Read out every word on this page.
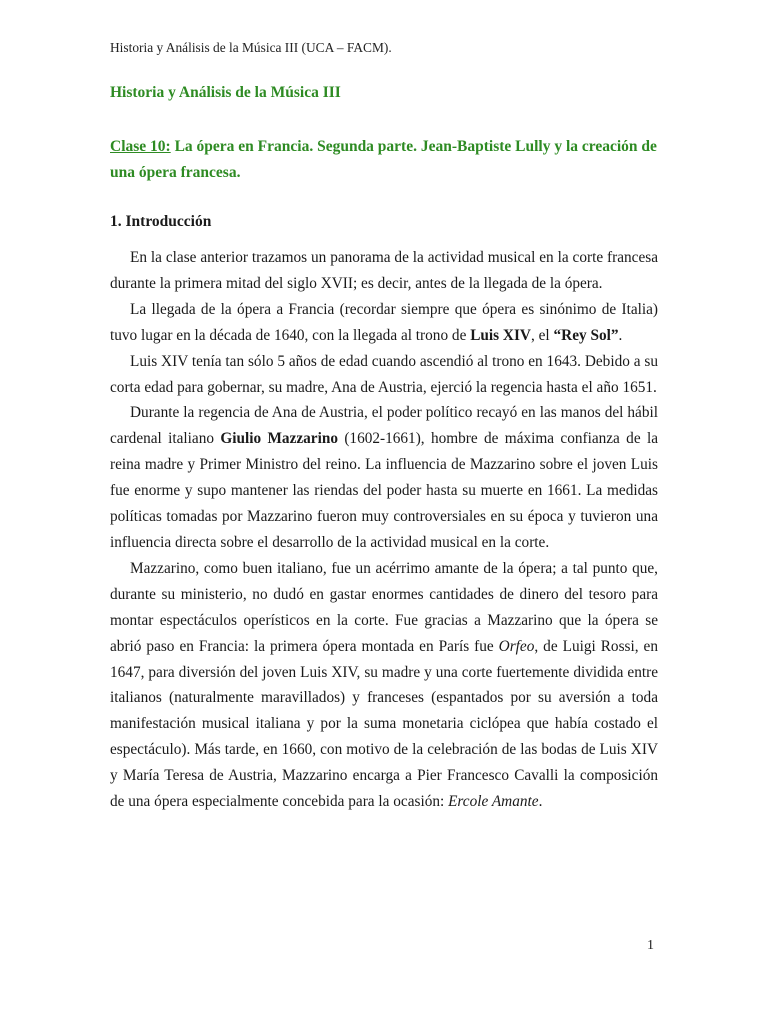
Historia y Análisis de la Música III (UCA – FACM).
Historia y Análisis de la Música III
Clase 10: La ópera en Francia. Segunda parte. Jean-Baptiste Lully y la creación de una ópera francesa.
1. Introducción

En la clase anterior trazamos un panorama de la actividad musical en la corte francesa durante la primera mitad del siglo XVII; es decir, antes de la llegada de la ópera.

La llegada de la ópera a Francia (recordar siempre que ópera es sinónimo de Italia) tuvo lugar en la década de 1640, con la llegada al trono de Luis XIV, el “Rey Sol”.

Luis XIV tenía tan sólo 5 años de edad cuando ascendió al trono en 1643. Debido a su corta edad para gobernar, su madre, Ana de Austria, ejerció la regencia hasta el año 1651.

Durante la regencia de Ana de Austria, el poder político recayó en las manos del hábil cardenal italiano Giulio Mazzarino (1602-1661), hombre de máxima confianza de la reina madre y Primer Ministro del reino. La influencia de Mazzarino sobre el joven Luis fue enorme y supo mantener las riendas del poder hasta su muerte en 1661. La medidas políticas tomadas por Mazzarino fueron muy controversiales en su época y tuvieron una influencia directa sobre el desarrollo de la actividad musical en la corte.

Mazzarino, como buen italiano, fue un acérrimo amante de la ópera; a tal punto que, durante su ministerio, no dudó en gastar enormes cantidades de dinero del tesoro para montar espectáculos operísticos en la corte. Fue gracias a Mazzarino que la ópera se abrió paso en Francia: la primera ópera montada en París fue Orfeo, de Luigi Rossi, en 1647, para diversión del joven Luis XIV, su madre y una corte fuertemente dividida entre italianos (naturalmente maravillados) y franceses (espantados por su aversión a toda manifestación musical italiana y por la suma monetaria ciclópea que había costado el espectáculo). Más tarde, en 1660, con motivo de la celebración de las bodas de Luis XIV y María Teresa de Austria, Mazzarino encarga a Pier Francesco Cavalli la composición de una ópera especialmente concebida para la ocasión: Ercole Amante.

1
